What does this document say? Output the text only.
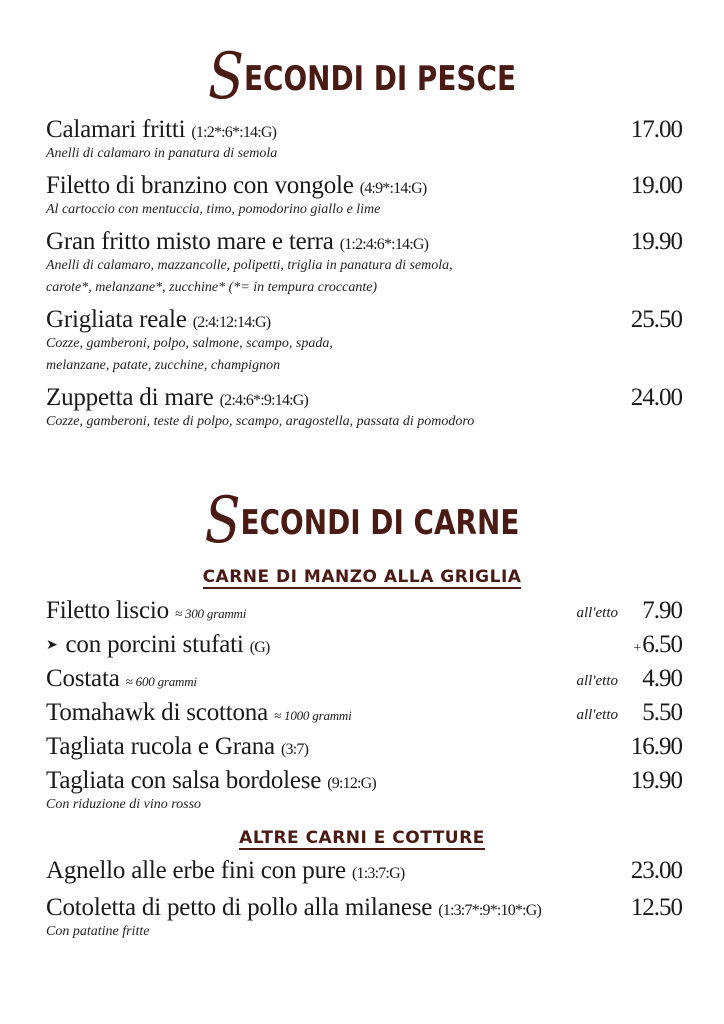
SECONDI DI PESCE
Calamari fritti (1:2*:6*:14:G)	17.00
Anelli di calamaro in panatura di semola
Filetto di branzino con vongole (4:9*:14:G)	19.00
Al cartoccio con mentuccia, timo, pomodorino giallo e lime
Gran fritto misto mare e terra (1:2:4:6*:14:G)	19.90
Anelli di calamaro, mazzancolle, polipetti, triglia in panatura di semola,
carote*, melanzane*, zucchine* (*= in tempura croccante)
Grigliata reale (2:4:12:14:G)	25.50
Cozze, gamberoni, polpo, salmone, scampo, spada,
melanzane, patate, zucchine, champignon
Zuppetta di mare (2:4:6*:9:14:G)	24.00
Cozze, gamberoni, teste di polpo, scampo, aragostella, passata di pomodoro
SECONDI DI CARNE
CARNE DI MANZO ALLA GRIGLIA
Filetto liscio ≈ 300 grammi	all'etto 7.90
➤ con porcini stufati (G)	+6.50
Costata ≈ 600 grammi	all'etto 4.90
Tomahawk di scottona ≈ 1000 grammi	all'etto 5.50
Tagliata rucola e Grana (3:7)	16.90
Tagliata con salsa bordolese (9:12:G)	19.90
Con riduzione di vino rosso
ALTRE CARNI E COTTURE
Agnello alle erbe fini con pure (1:3:7:G)	23.00
Cotoletta di petto di pollo alla milanese (1:3:7*:9*:10*:G)	12.50
Con patatine fritte
